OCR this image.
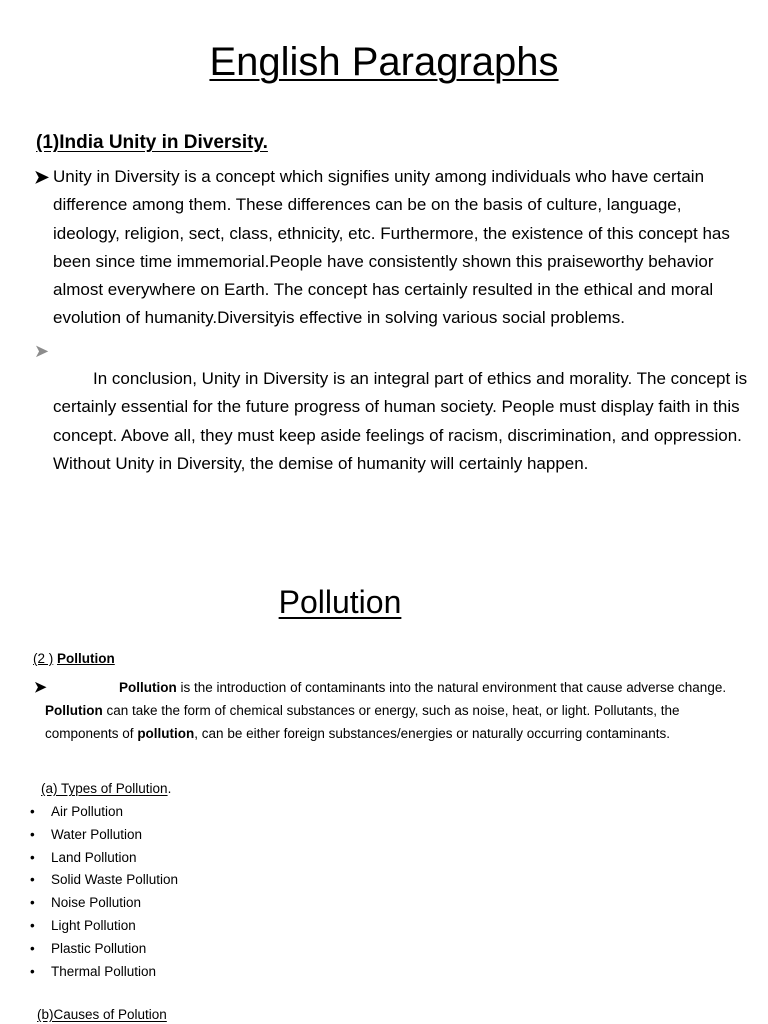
English Paragraphs
(1)India Unity in Diversity.
➤ Unity in Diversity is a concept which signifies unity among individuals who have certain difference among them. These differences can be on the basis of culture, language, ideology, religion, sect, class, ethnicity, etc. Furthermore, the existence of this concept has been since time immemorial.People have consistently shown this praiseworthy behavior almost everywhere on Earth. The concept has certainly resulted in the ethical and moral evolution of humanity.Diversityis effective in solving various social problems.
➤
In conclusion, Unity in Diversity is an integral part of ethics and morality. The concept is certainly essential for the future progress of human society. People must display faith in this concept. Above all, they must keep aside feelings of racism, discrimination, and oppression. Without Unity in Diversity, the demise of humanity will certainly happen.
Pollution
(2 ) Pollution
➤	Pollution is the introduction of contaminants into the natural environment that cause adverse change. Pollution can take the form of chemical substances or energy, such as noise, heat, or light. Pollutants, the components of pollution, can be either foreign substances/energies or naturally occurring contaminants.
(a) Types of Pollution.
• Air Pollution
• Water Pollution
• Land Pollution
• Solid Waste Pollution
• Noise Pollution
• Light Pollution
• Plastic Pollution
• Thermal Pollution
(b)Causes of Polution
